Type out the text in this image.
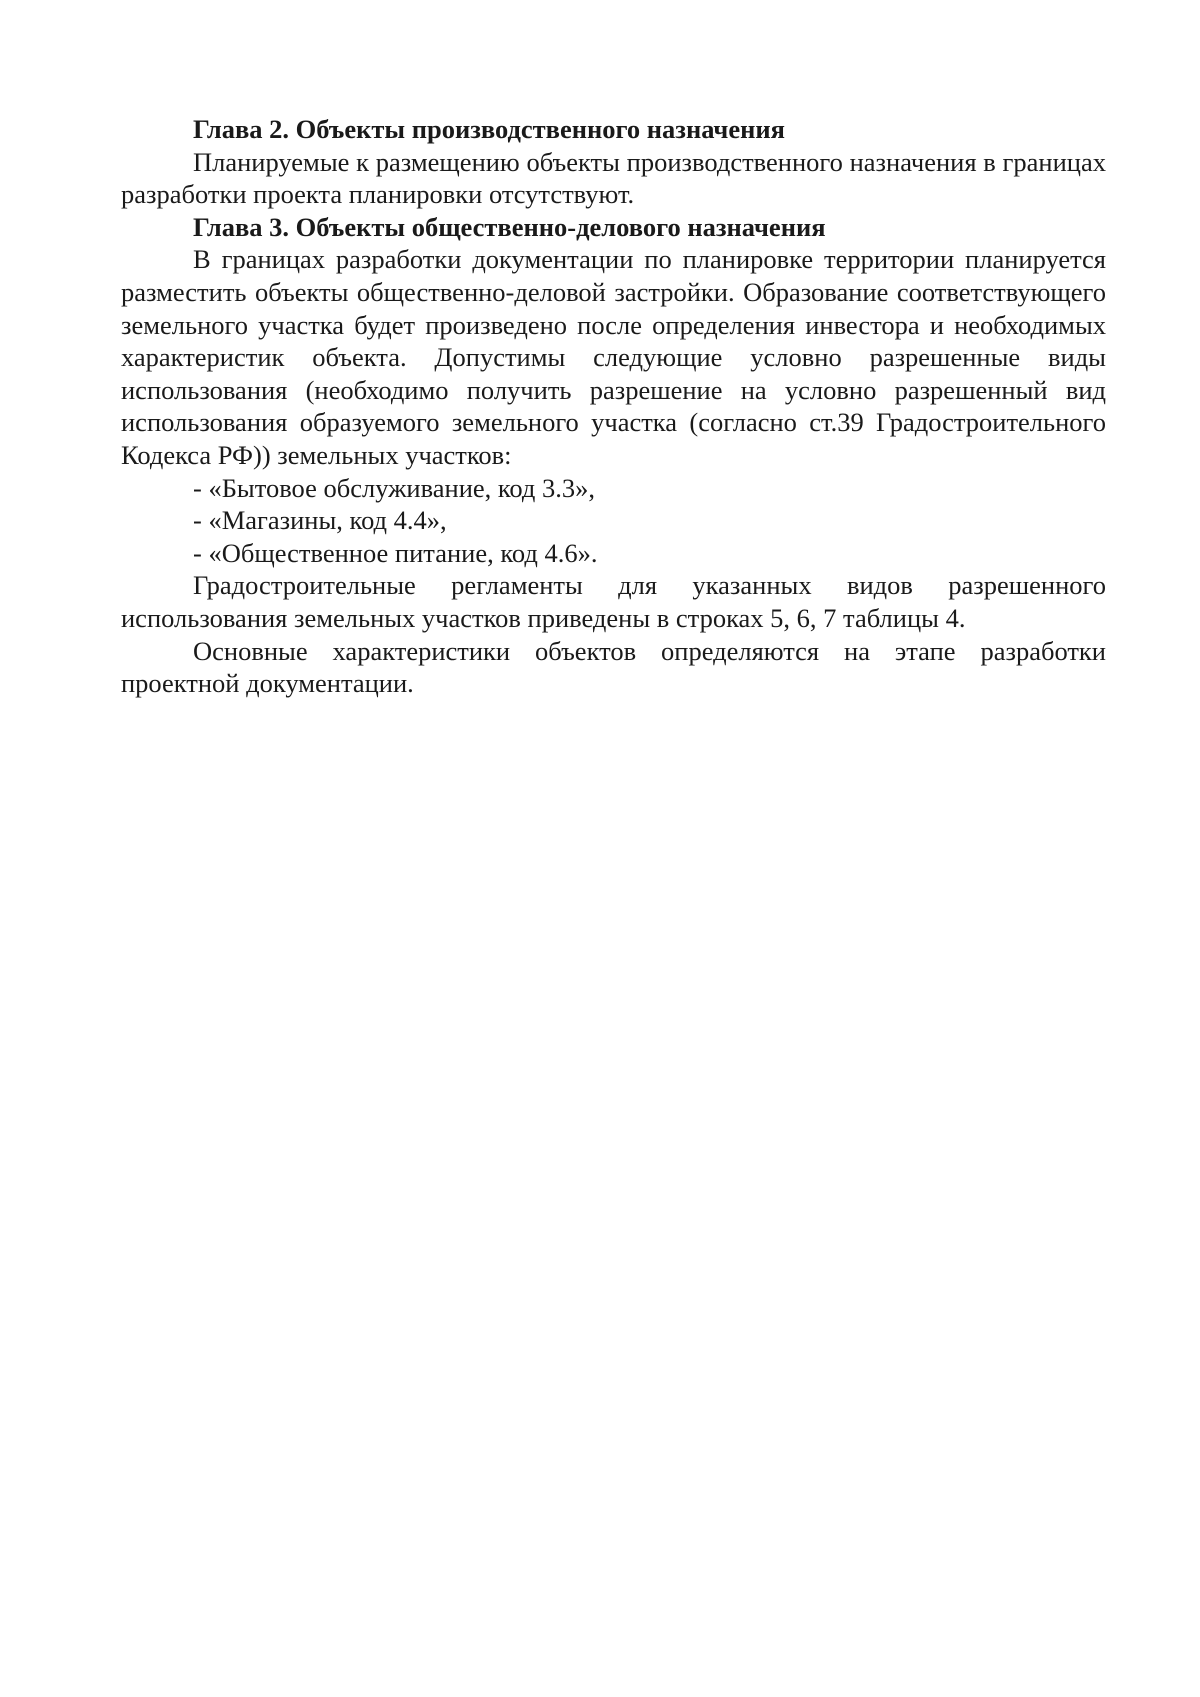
Глава 2. Объекты производственного назначения

Планируемые к размещению объекты производственного назначения в границах разработки проекта планировки отсутствуют.

Глава 3. Объекты общественно-делового назначения

В границах разработки документации по планировке территории планируется разместить объекты общественно-деловой застройки. Образование соответствующего земельного участка будет произведено после определения инвестора и необходимых характеристик объекта. Допустимы следующие условно разрешенные виды использования (необходимо получить разрешение на условно разрешенный вид использования образуемого земельного участка (согласно ст.39 Градостроительного Кодекса РФ)) земельных участков:

- «Бытовое обслуживание, код 3.3»,
- «Магазины, код 4.4»,
- «Общественное питание, код 4.6».

Градостроительные регламенты для указанных видов разрешенного использования земельных участков приведены в строках 5, 6, 7 таблицы 4.

Основные характеристики объектов определяются на этапе разработки проектной документации.
